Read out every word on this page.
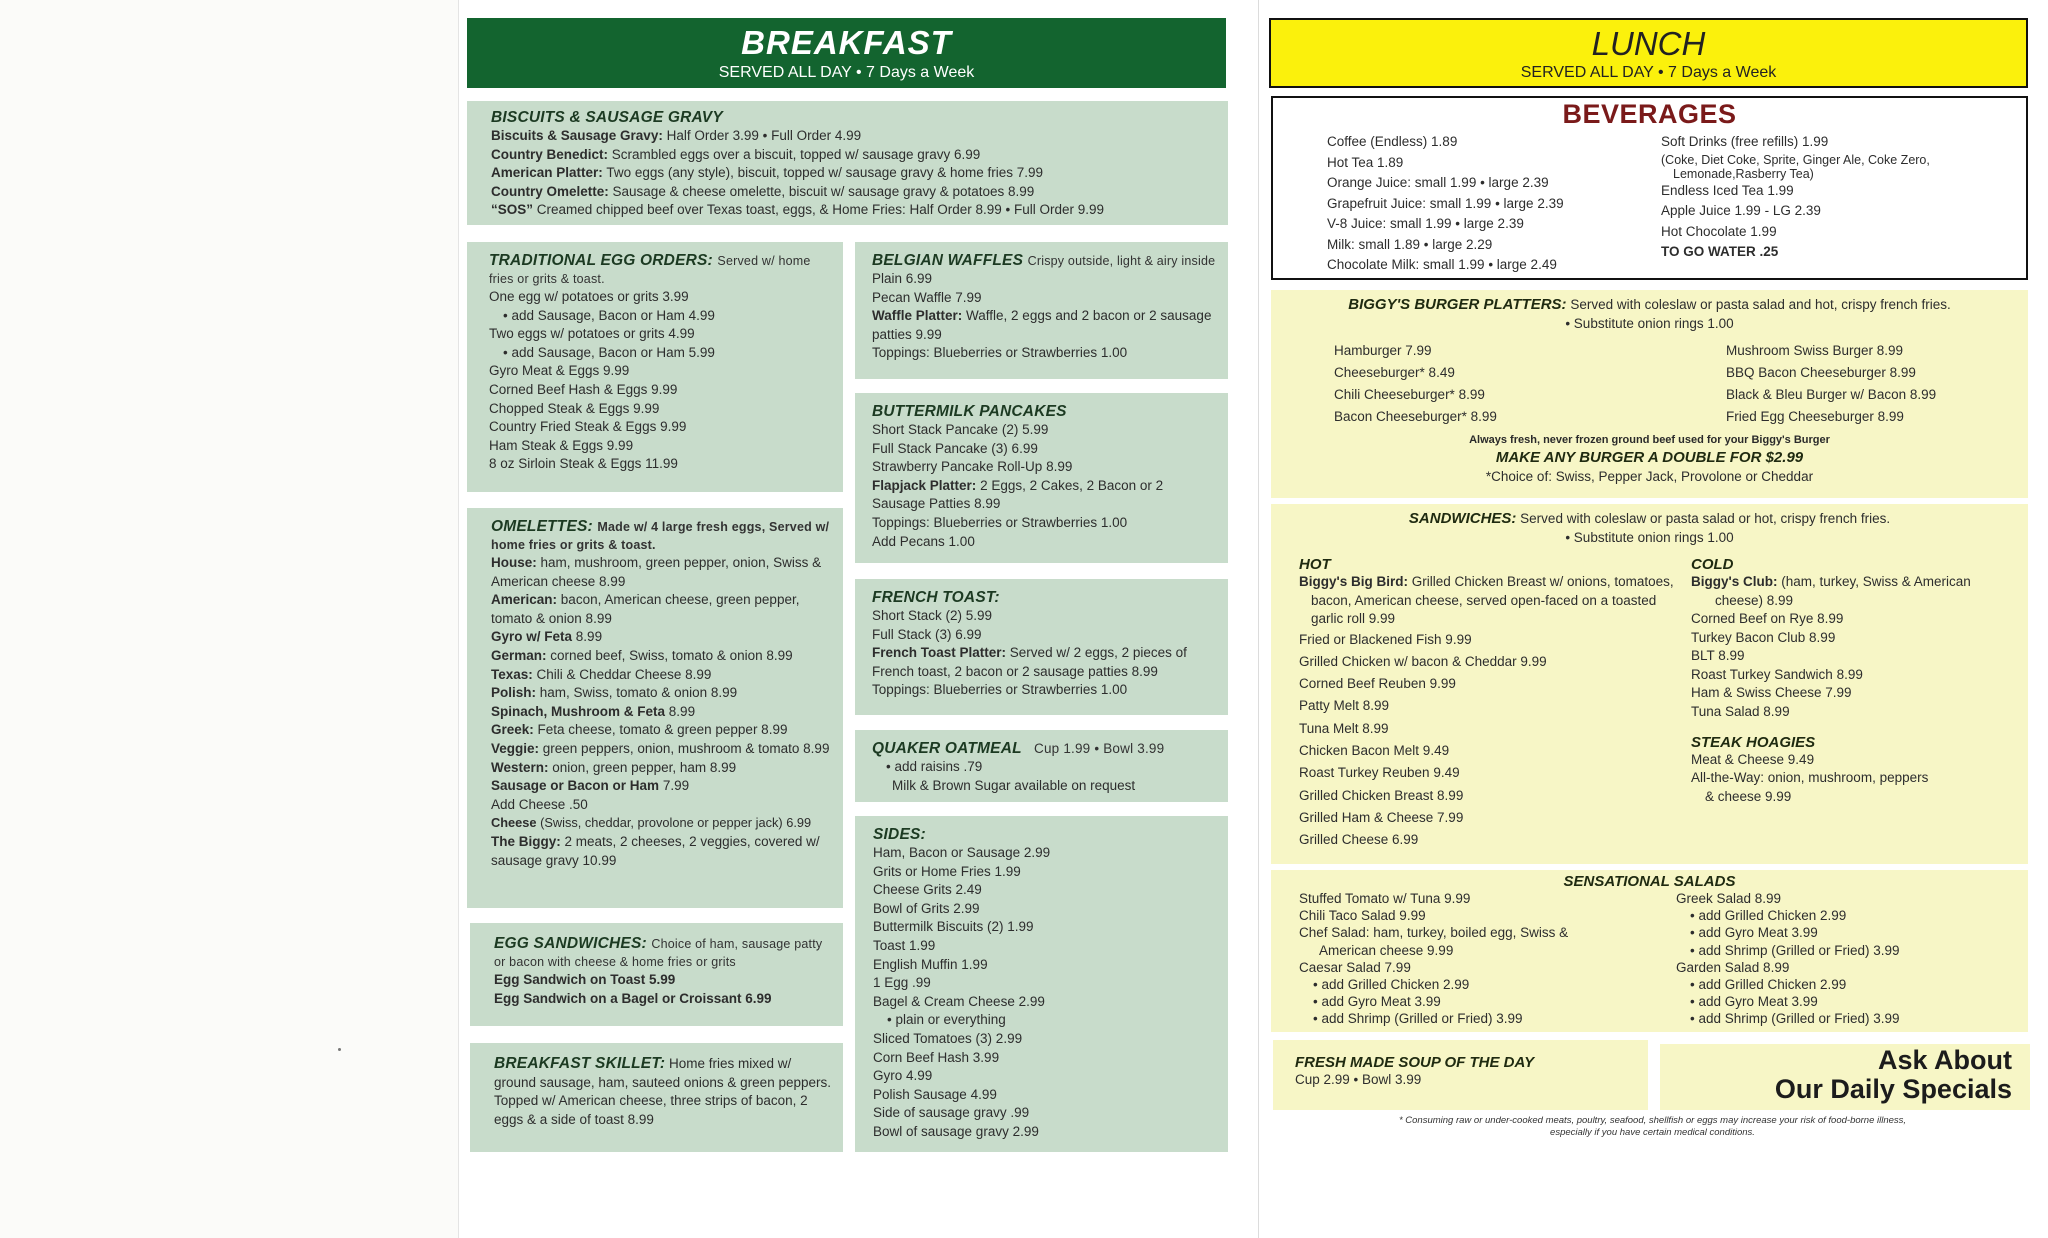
BREAKFAST
SERVED ALL DAY • 7 Days a Week
BISCUITS & SAUSAGE GRAVY
Biscuits & Sausage Gravy: Half Order 3.99 • Full Order 4.99
Country Benedict: Scrambled eggs over a biscuit, topped w/ sausage gravy 6.99
American Platter: Two eggs (any style), biscuit, topped w/ sausage gravy & home fries 7.99
Country Omelette: Sausage & cheese omelette, biscuit w/ sausage gravy & potatoes 8.99
“SOS” Creamed chipped beef over Texas toast, eggs, & Home Fries: Half Order 8.99 • Full Order 9.99
TRADITIONAL EGG ORDERS: Served w/ home fries or grits & toast.
One egg w/ potatoes or grits 3.99
• add Sausage, Bacon or Ham 4.99
Two eggs w/ potatoes or grits 4.99
• add Sausage, Bacon or Ham 5.99
Gyro Meat & Eggs 9.99
Corned Beef Hash & Eggs 9.99
Chopped Steak & Eggs 9.99
Country Fried Steak & Eggs 9.99
Ham Steak & Eggs 9.99
8 oz Sirloin Steak & Eggs 11.99
BELGIAN WAFFLES Crispy outside, light & airy inside
Plain 6.99
Pecan Waffle 7.99
Waffle Platter: Waffle, 2 eggs and 2 bacon or 2 sausage patties 9.99
Toppings: Blueberries or Strawberries 1.00
BUTTERMILK PANCAKES
Short Stack Pancake (2) 5.99
Full Stack Pancake (3) 6.99
Strawberry Pancake Roll-Up 8.99
Flapjack Platter: 2 Eggs, 2 Cakes, 2 Bacon or 2 Sausage Patties 8.99
Toppings: Blueberries or Strawberries 1.00
Add Pecans 1.00
OMELETTES: Made w/ 4 large fresh eggs, Served w/ home fries or grits & toast.
House: ham, mushroom, green pepper, onion, Swiss & American cheese 8.99
American: bacon, American cheese, green pepper, tomato & onion 8.99
Gyro w/ Feta 8.99
German: corned beef, Swiss, tomato & onion 8.99
Texas: Chili & Cheddar Cheese 8.99
Polish: ham, Swiss, tomato & onion 8.99
Spinach, Mushroom & Feta 8.99
Greek: Feta cheese, tomato & green pepper 8.99
Veggie: green peppers, onion, mushroom & tomato 8.99
Western: onion, green pepper, ham 8.99
Sausage or Bacon or Ham 7.99
Add Cheese .50
Cheese (Swiss, cheddar, provolone or pepper jack) 6.99
The Biggy: 2 meats, 2 cheeses, 2 veggies, covered w/ sausage gravy 10.99
FRENCH TOAST:
Short Stack (2) 5.99
Full Stack (3) 6.99
French Toast Platter: Served w/ 2 eggs, 2 pieces of French toast, 2 bacon or 2 sausage patties 8.99
Toppings: Blueberries or Strawberries 1.00
QUAKER OATMEAL Cup 1.99 • Bowl 3.99
• add raisins .79
Milk & Brown Sugar available on request
EGG SANDWICHES: Choice of ham, sausage patty or bacon with cheese & home fries or grits
Egg Sandwich on Toast 5.99
Egg Sandwich on a Bagel or Croissant 6.99
SIDES:
Ham, Bacon or Sausage 2.99
Grits or Home Fries 1.99
Cheese Grits 2.49
Bowl of Grits 2.99
Buttermilk Biscuits (2) 1.99
Toast 1.99
English Muffin 1.99
1 Egg .99
Bagel & Cream Cheese 2.99
• plain or everything
Sliced Tomatoes (3) 2.99
Corn Beef Hash 3.99
Gyro 4.99
Polish Sausage 4.99
Side of sausage gravy .99
Bowl of sausage gravy 2.99
BREAKFAST SKILLET: Home fries mixed w/ ground sausage, ham, sauteed onions & green peppers. Topped w/ American cheese, three strips of bacon, 2 eggs & a side of toast 8.99
LUNCH
SERVED ALL DAY • 7 Days a Week
BEVERAGES
Coffee (Endless) 1.89
Hot Tea 1.89
Orange Juice: small 1.99 • large 2.39
Grapefruit Juice: small 1.99 • large 2.39
V-8 Juice: small 1.99 • large 2.39
Milk: small 1.89 • large 2.29
Chocolate Milk: small 1.99 • large 2.49
Soft Drinks (free refills) 1.99
(Coke, Diet Coke, Sprite, Ginger Ale, Coke Zero, Lemonade,Rasberry Tea)
Endless Iced Tea 1.99
Apple Juice 1.99 - LG 2.39
Hot Chocolate 1.99
TO GO WATER .25
BIGGY'S BURGER PLATTERS: Served with coleslaw or pasta salad and hot, crispy french fries.
• Substitute onion rings 1.00
Hamburger 7.99
Cheeseburger* 8.49
Chili Cheeseburger* 8.99
Bacon Cheeseburger* 8.99
Mushroom Swiss Burger 8.99
BBQ Bacon Cheeseburger 8.99
Black & Bleu Burger w/ Bacon 8.99
Fried Egg Cheeseburger 8.99
Always fresh, never frozen ground beef used for your Biggy's Burger
MAKE ANY BURGER A DOUBLE FOR $2.99
*Choice of: Swiss, Pepper Jack, Provolone or Cheddar
SANDWICHES: Served with coleslaw or pasta salad or hot, crispy french fries.
• Substitute onion rings 1.00
HOT
Biggy's Big Bird: Grilled Chicken Breast w/ onions, tomatoes, bacon, American cheese, served open-faced on a toasted garlic roll 9.99
Fried or Blackened Fish 9.99
Grilled Chicken w/ bacon & Cheddar 9.99
Corned Beef Reuben 9.99
Patty Melt 8.99
Tuna Melt 8.99
Chicken Bacon Melt 9.49
Roast Turkey Reuben 9.49
Grilled Chicken Breast 8.99
Grilled Ham & Cheese 7.99
Grilled Cheese 6.99
COLD
Biggy's Club: (ham, turkey, Swiss & American cheese) 8.99
Corned Beef on Rye 8.99
Turkey Bacon Club 8.99
BLT 8.99
Roast Turkey Sandwich 8.99
Ham & Swiss Cheese 7.99
Tuna Salad 8.99
STEAK HOAGIES
Meat & Cheese 9.49
All-the-Way: onion, mushroom, peppers
& cheese 9.99
SENSATIONAL SALADS
Stuffed Tomato w/ Tuna 9.99
Chili Taco Salad 9.99
Chef Salad: ham, turkey, boiled egg, Swiss &
American cheese 9.99
Caesar Salad 7.99
• add Grilled Chicken 2.99
• add Gyro Meat 3.99
• add Shrimp (Grilled or Fried) 3.99
Greek Salad 8.99
• add Grilled Chicken 2.99
• add Gyro Meat 3.99
• add Shrimp (Grilled or Fried) 3.99
Garden Salad 8.99
• add Grilled Chicken 2.99
• add Gyro Meat 3.99
• add Shrimp (Grilled or Fried) 3.99
FRESH MADE SOUP OF THE DAY
Cup 2.99 • Bowl 3.99
Ask About
Our Daily Specials
* Consuming raw or under-cooked meats, poultry, seafood, shellfish or eggs may increase your risk of food-borne illness,
especially if you have certain medical conditions.
